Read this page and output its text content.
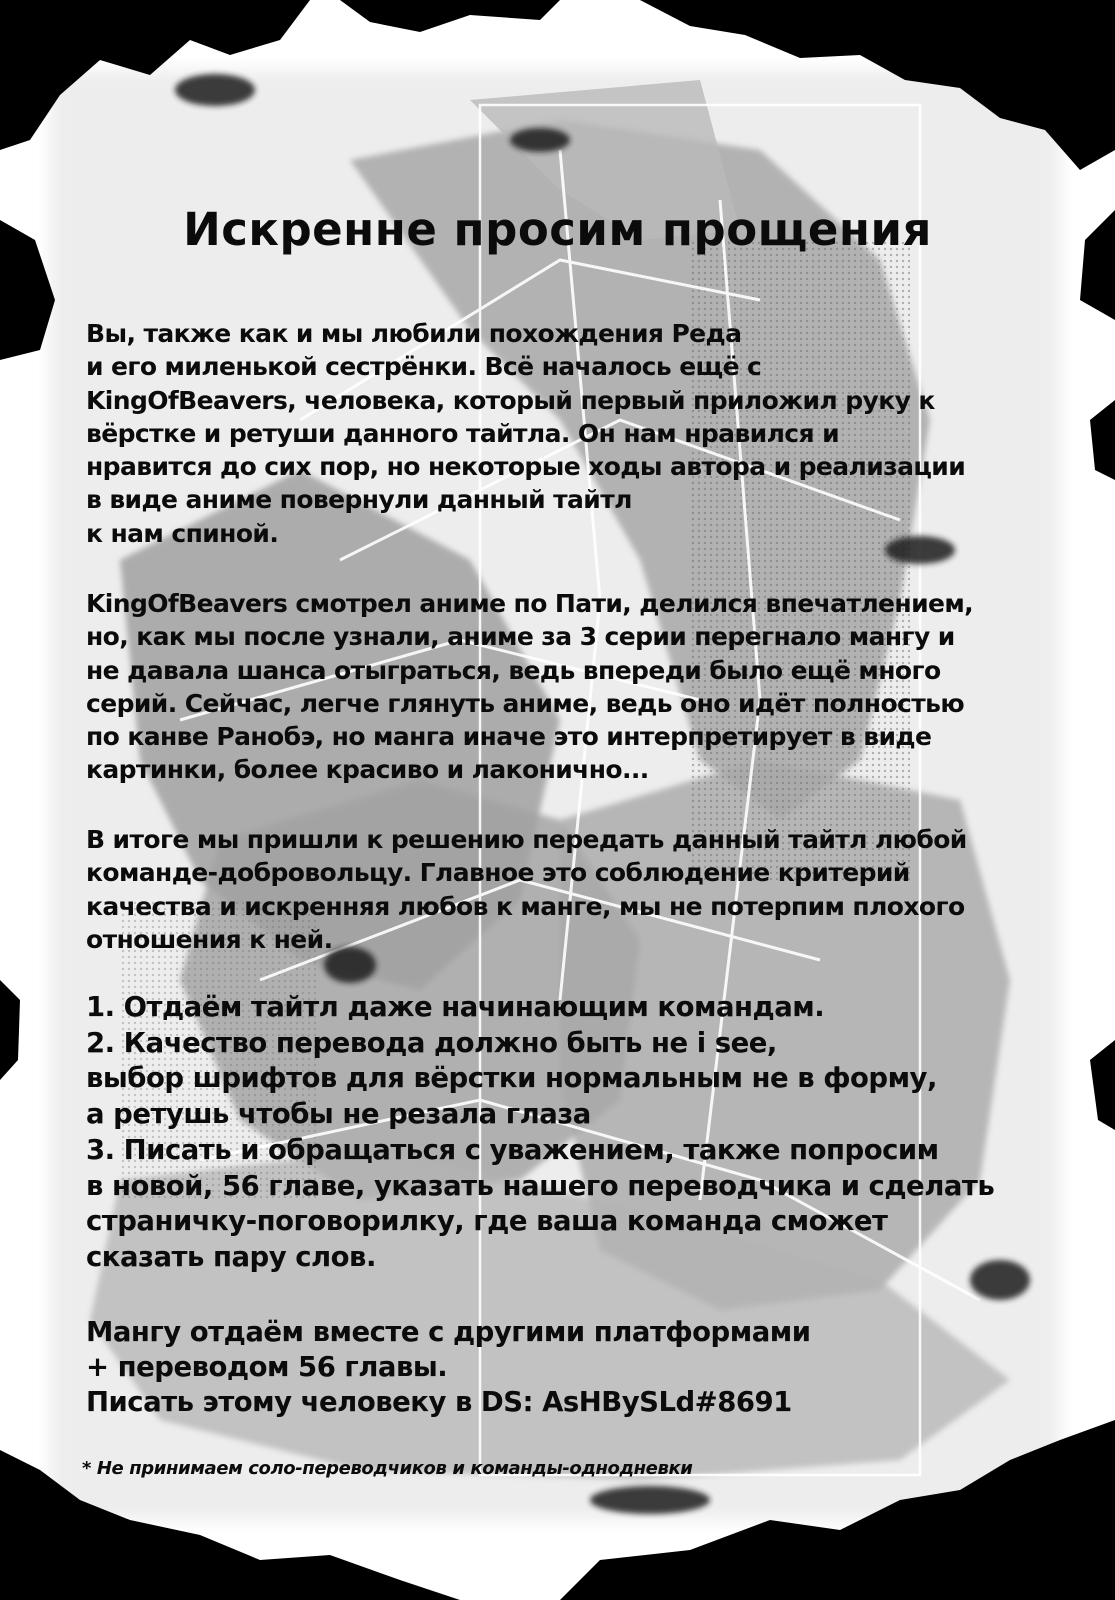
Искренне просим прощения
Вы, также как и мы любили похождения Реда
и его миленькой сестрёнки. Всё началось ещё с
KingOfBeavers, человека, который первый приложил руку к
вёрстке и ретуши данного тайтла. Он нам нравился и
нравится до сих пор, но некоторые ходы автора и реализации
в виде аниме повернули данный тайтл
к нам спиной.
KingOfBeavers смотрел аниме по Пати, делился впечатлением,
но, как мы после узнали, аниме за 3 серии перегнало мангу и
не давала шанса отыграться, ведь впереди было ещё много
серий. Сейчас, легче глянуть аниме, ведь оно идёт полностью
по канве Ранобэ, но манга иначе это интерпретирует в виде
картинки, более красиво и лаконично...
В итоге мы пришли к решению передать данный тайтл любой
команде-добровольцу. Главное это соблюдение критерий
качества и искренняя любов к манге, мы не потерпим плохого
отношения к ней.
1. Отдаём тайтл даже начинающим командам.
2. Качество перевода должно быть не i see,
выбор шрифтов для вёрстки нормальным не в форму,
а ретушь чтобы не резала глаза
3. Писать и обращаться с уважением, также попросим
в новой, 56 главе, указать нашего переводчика и сделать
страничку-поговорилку, где ваша команда сможет
сказать пару слов.
Мангу отдаём вместе с другими платформами
+ переводом 56 главы.
Писать этому человеку в DS: AsHBySLd#8691

* Не принимаем соло-переводчиков и команды-однодневки
